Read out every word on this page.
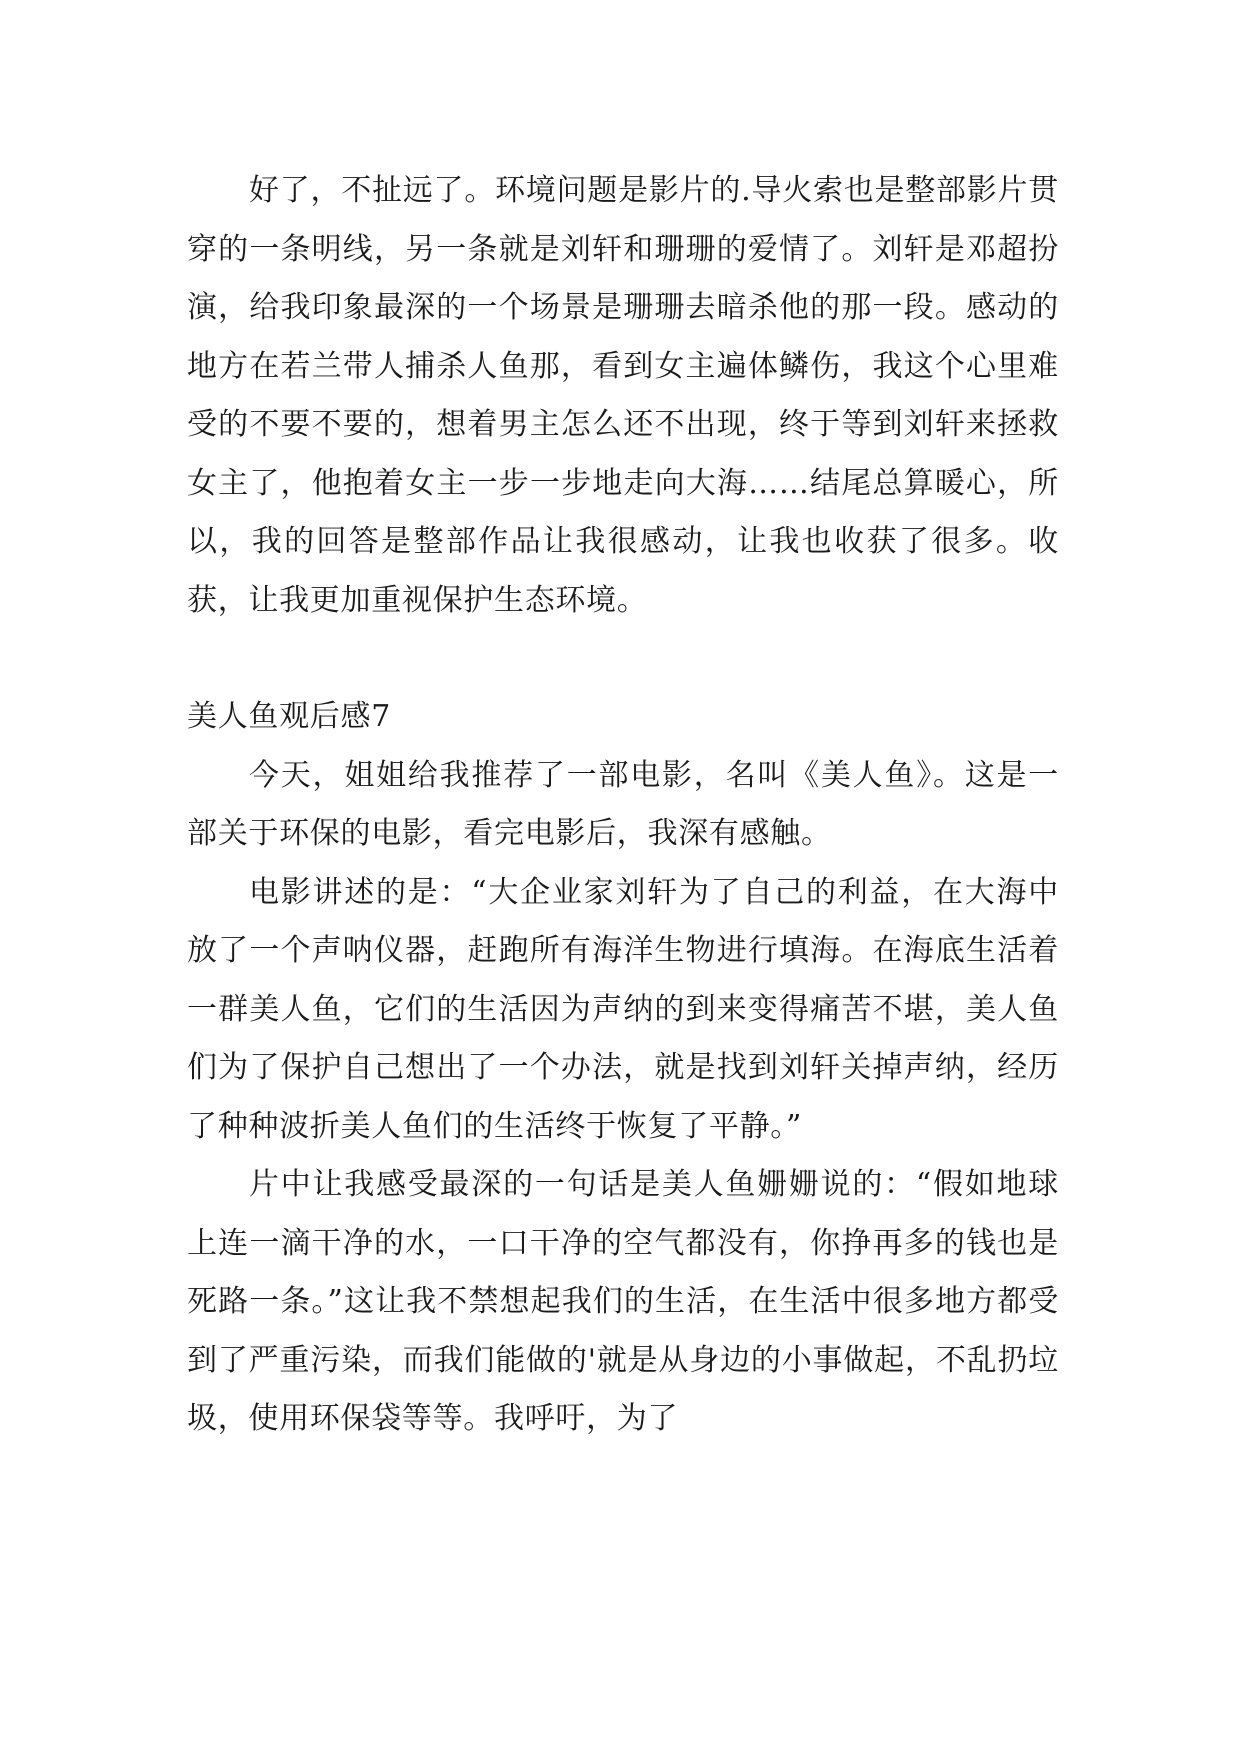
好了，不扯远了。环境问题是影片的.导火索也是整部影片贯穿的一条明线，另一条就是刘轩和珊珊的爱情了。刘轩是邓超扮演，给我印象最深的一个场景是珊珊去暗杀他的那一段。感动的地方在若兰带人捕杀人鱼那，看到女主遍体鳞伤，我这个心里难受的不要不要的，想着男主怎么还不出现，终于等到刘轩来拯救女主了，他抱着女主一步一步地走向大海……结尾总算暖心，所以，我的回答是整部作品让我很感动，让我也收获了很多。收获，让我更加重视保护生态环境。

美人鱼观后感7

今天，姐姐给我推荐了一部电影，名叫《美人鱼》。这是一部关于环保的电影，看完电影后，我深有感触。

电影讲述的是：“大企业家刘轩为了自己的利益，在大海中放了一个声呐仪器，赶跑所有海洋生物进行填海。在海底生活着一群美人鱼，它们的生活因为声纳的到来变得痛苦不堪，美人鱼们为了保护自己想出了一个办法，就是找到刘轩关掉声纳，经历了种种波折美人鱼们的生活终于恢复了平静。”

片中让我感受最深的一句话是美人鱼姗姗说的：“假如地球上连一滴干净的水，一口干净的空气都没有，你挣再多的钱也是死路一条。”这让我不禁想起我们的生活，在生活中很多地方都受到了严重污染，而我们能做的'就是从身边的小事做起，不乱扔垃圾，使用环保袋等等。我呼吁，为了
